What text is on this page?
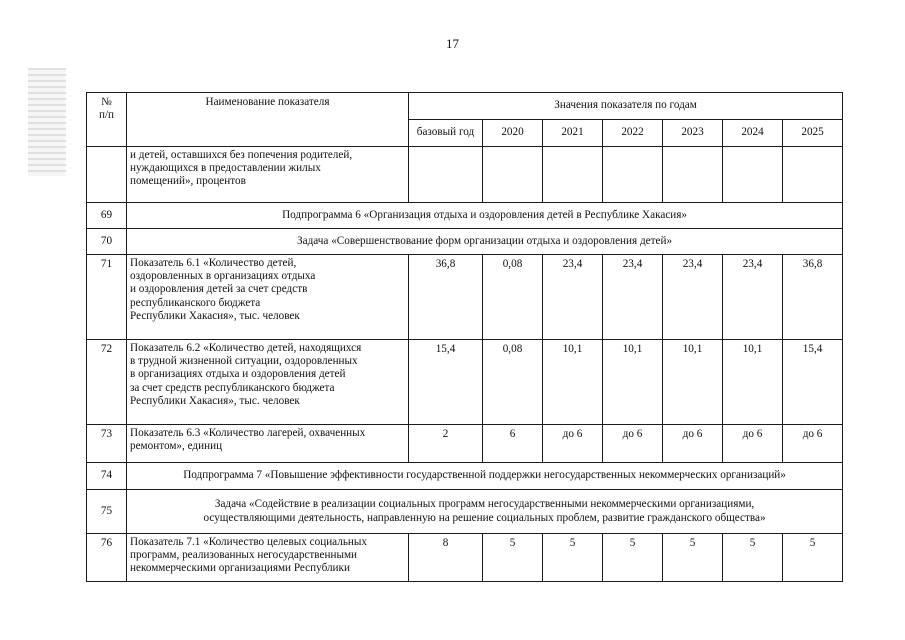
17
№
п/п	Наименование показателя	Значения показателя по годам						
		базовый год	2020	2021	2022	2023	2024	2025
	и детей, оставшихся без попечения родителей,
нуждающихся в предоставлении жилых
помещений», процентов							
69	Подпрограмма 6 «Организация отдыха и оздоровления детей в Республике Хакасия»							
70	Задача «Совершенствование форм организации отдыха и оздоровления детей»							
71	Показатель 6.1 «Количество детей,
оздоровленных в организациях отдыха
и оздоровления детей за счет средств
республиканского бюджета
Республики Хакасия», тыс. человек	36,8	0,08	23,4	23,4	23,4	23,4	36,8
72	Показатель 6.2 «Количество детей, находящихся
в трудной жизненной ситуации, оздоровленных
в организациях отдыха и оздоровления детей
за счет средств республиканского бюджета
Республики Хакасия», тыс. человек	15,4	0,08	10,1	10,1	10,1	10,1	15,4
73	Показатель 6.3 «Количество лагерей, охваченных
ремонтом», единиц	2	6	до 6	до 6	до 6	до 6	до 6
74	Подпрограмма 7 «Повышение эффективности государственной поддержки негосударственных некоммерческих организаций»							
75	Задача «Содействие в реализации социальных программ негосударственными некоммерческими организациями,
осуществляющими деятельность, направленную на решение социальных проблем, развитие гражданского общества»							
76	Показатель 7.1 «Количество целевых социальных
программ, реализованных негосударственными
некоммерческими организациями Республики	8	5	5	5	5	5	5
